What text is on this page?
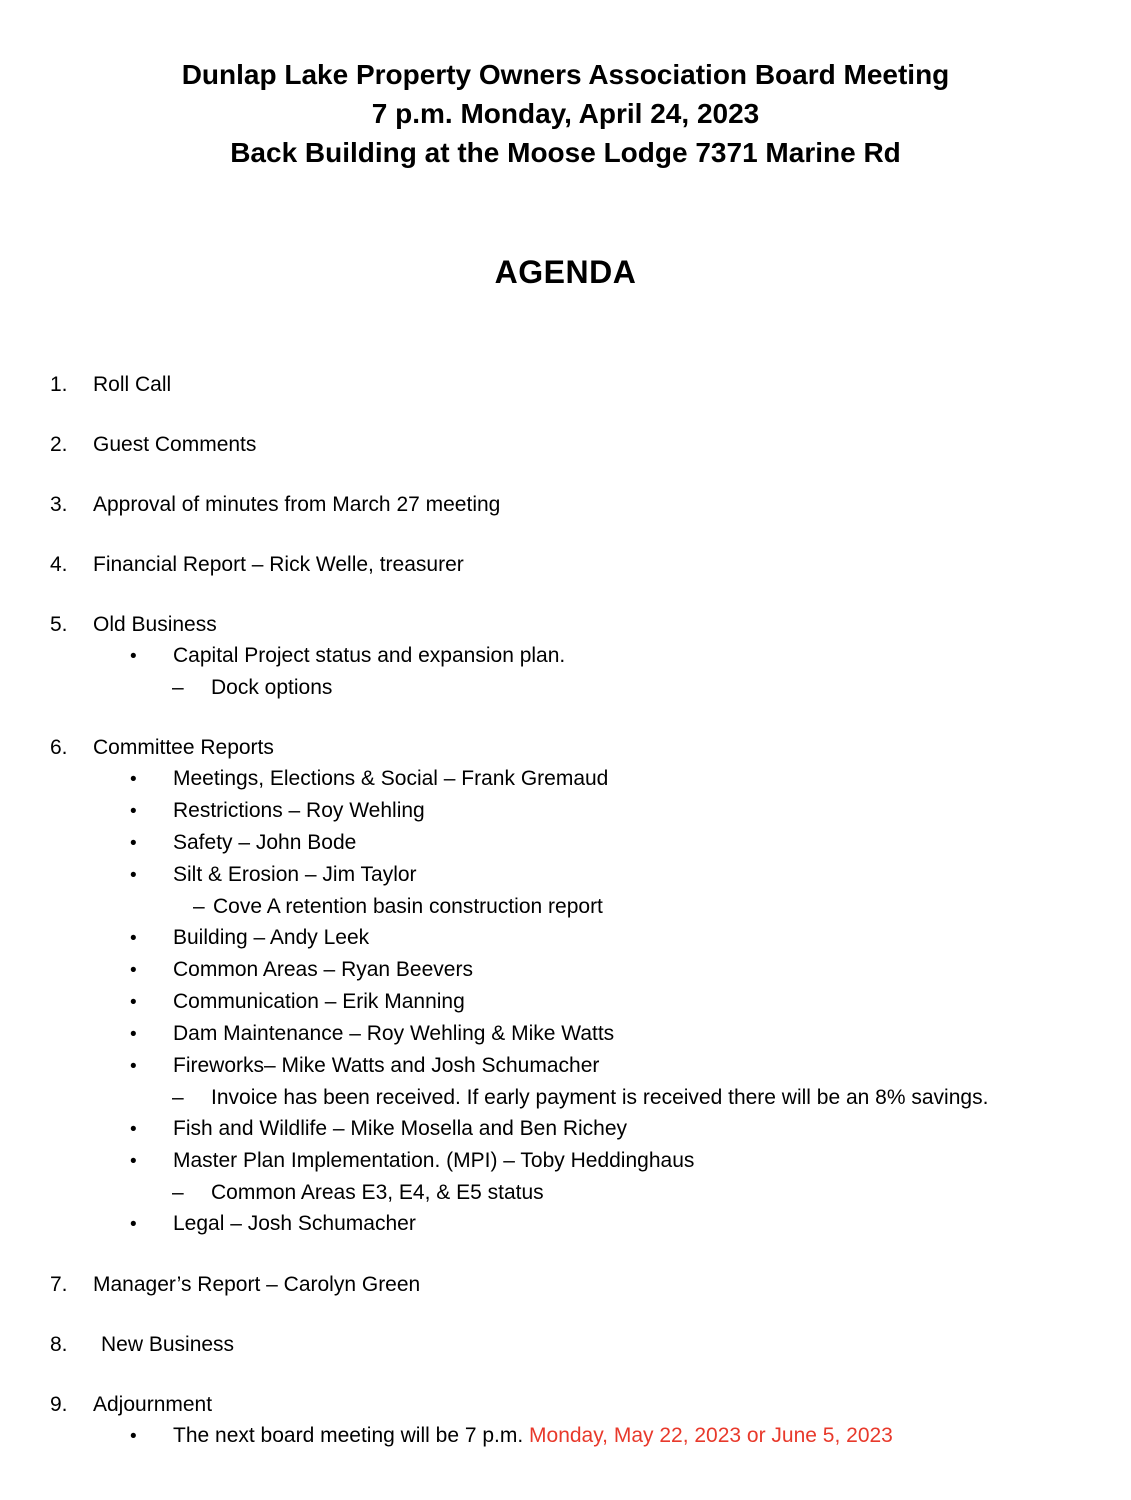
Dunlap Lake Property Owners Association Board Meeting
7 p.m. Monday, April 24, 2023
Back Building at the Moose Lodge 7371 Marine Rd
AGENDA
1. Roll Call
2. Guest Comments
3. Approval of minutes from March 27 meeting
4. Financial Report – Rick Welle, treasurer
5. Old Business
• Capital Project status and expansion plan.
– Dock options
6. Committee Reports
• Meetings, Elections & Social – Frank Gremaud
• Restrictions – Roy Wehling
• Safety – John Bode
• Silt & Erosion – Jim Taylor
– Cove A retention basin construction report
• Building – Andy Leek
• Common Areas – Ryan Beevers
• Communication – Erik Manning
• Dam Maintenance – Roy Wehling & Mike Watts
• Fireworks– Mike Watts and Josh Schumacher
– Invoice has been received. If early payment is received there will be an 8% savings.
• Fish and Wildlife – Mike Mosella and Ben Richey
• Master Plan Implementation. (MPI) – Toby Heddinghaus
– Common Areas E3, E4, & E5 status
• Legal – Josh Schumacher
7. Manager’s Report – Carolyn Green
8. New Business
9. Adjournment
• The next board meeting will be 7 p.m. Monday, May 22, 2023 or June 5, 2023
